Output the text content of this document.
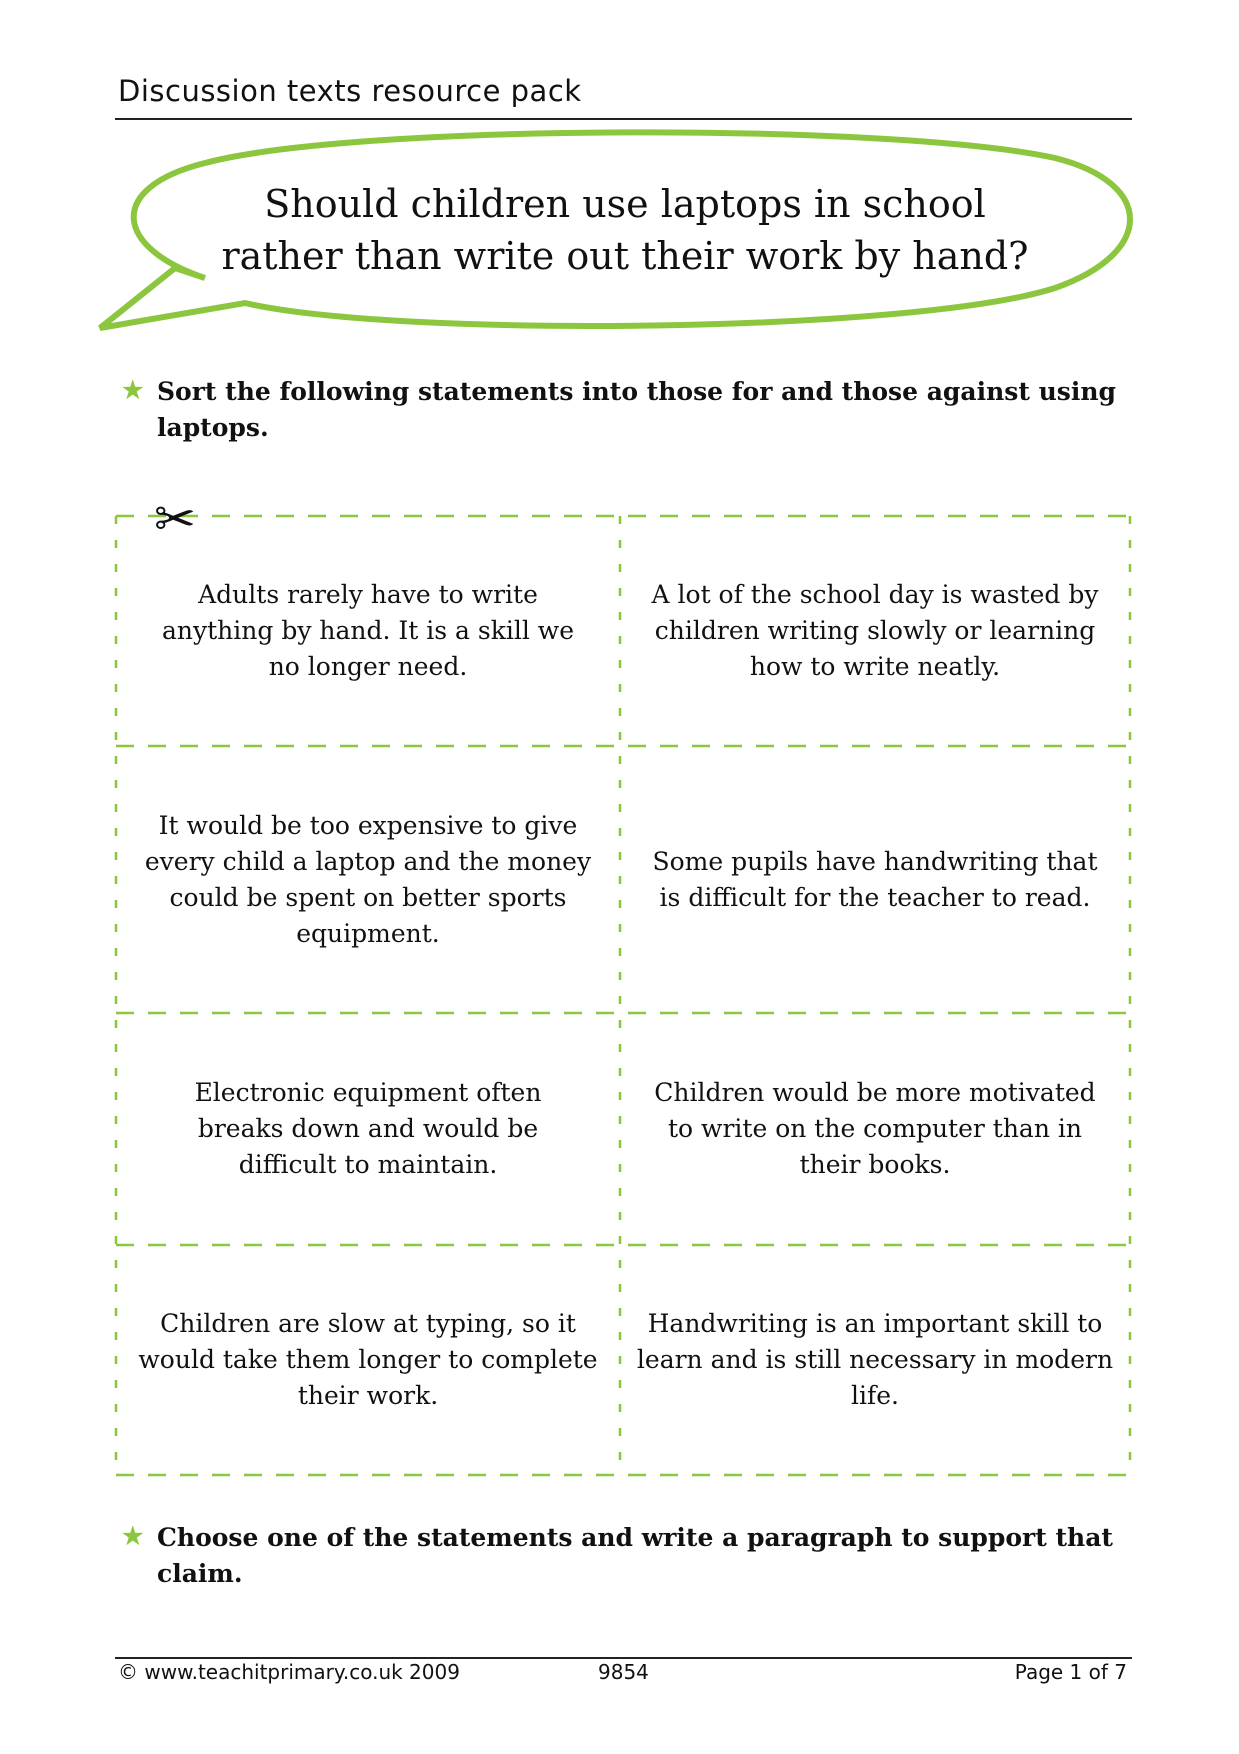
Discussion texts resource pack
Should children use laptops in school
rather than write out their work by hand?
★ Sort the following statements into those for and those against using laptops.
✂
Adults rarely have to write anything by hand. It is a skill we no longer need.
A lot of the school day is wasted by children writing slowly or learning how to write neatly.
It would be too expensive to give every child a laptop and the money could be spent on better sports equipment.
Some pupils have handwriting that is difficult for the teacher to read.
Electronic equipment often breaks down and would be difficult to maintain.
Children would be more motivated to write on the computer than in their books.
Children are slow at typing, so it would take them longer to complete their work.
Handwriting is an important skill to learn and is still necessary in modern life.
★ Choose one of the statements and write a paragraph to support that claim.
© www.teachitprimary.co.uk 2009	9854	Page 1 of 7
